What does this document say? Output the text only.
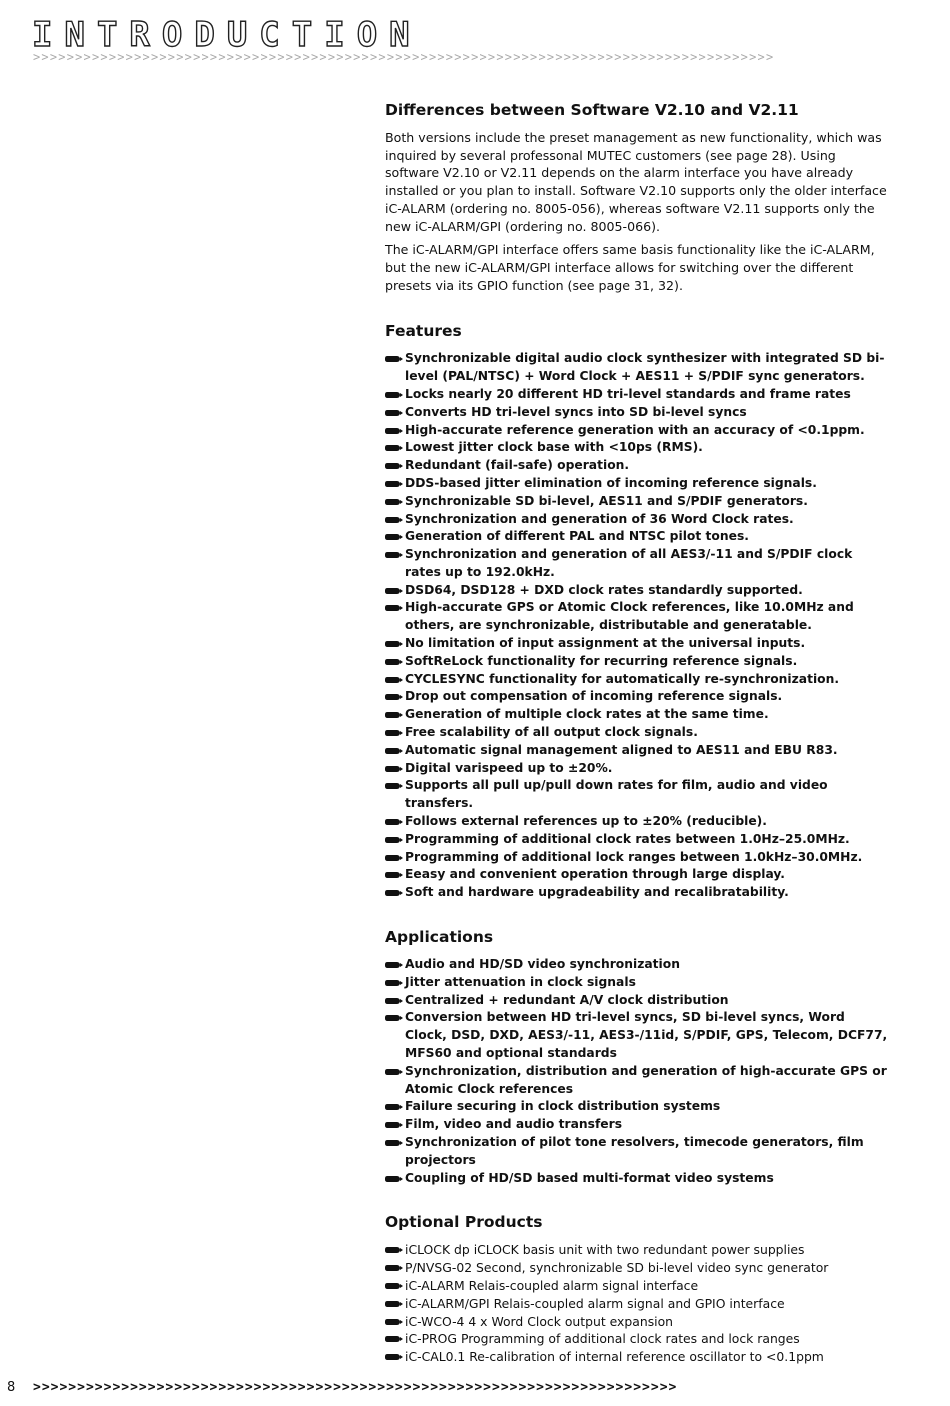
INTRODUCTION
>>>>>>>>>>>>>>>>>>>>>>>>>>>>>>>>>>>>>>>>>>>>>>>>>>>>>>>>>>>>>>>>>>>>>>>>>>>>>>>>>>>>>>>>
Differences between Software V2.10 and V2.11

Both versions include the preset management as new functionality, which was inquired by several professonal MUTEC customers (see page 28). Using software V2.10 or V2.11 depends on the alarm interface you have already installed or you plan to install. Software V2.10 supports only the older interface iC-ALARM (ordering no. 8005-056), whereas software V2.11 supports only the new iC-ALARM/GPI (ordering no. 8005-066).

The iC-ALARM/GPI interface offers same basis functionality like the iC-ALARM, but the new iC-ALARM/GPI interface allows for switching over the different presets via its GPIO function (see page 31, 32).

Features
Synchronizable digital audio clock synthesizer with integrated SD bi-level (PAL/NTSC) + Word Clock + AES11 + S/PDIF sync generators.
Locks nearly 20 different HD tri-level standards and frame rates
Converts HD tri-level syncs into SD bi-level syncs
High-accurate reference generation with an accuracy of <0.1ppm.
Lowest jitter clock base with <10ps (RMS).
Redundant (fail-safe) operation.
DDS-based jitter elimination of incoming reference signals.
Synchronizable SD bi-level, AES11 and S/PDIF generators.
Synchronization and generation of 36 Word Clock rates.
Generation of different PAL and NTSC pilot tones.
Synchronization and generation of all AES3/-11 and S/PDIF clock rates up to 192.0kHz.
DSD64, DSD128 + DXD clock rates standardly supported.
High-accurate GPS or Atomic Clock references, like 10.0MHz and others, are synchronizable, distributable and generatable.
No limitation of input assignment at the universal inputs.
SoftReLock functionality for recurring reference signals.
CYCLESYNC functionality for automatically re-synchronization.
Drop out compensation of incoming reference signals.
Generation of multiple clock rates at the same time.
Free scalability of all output clock signals.
Automatic signal management aligned to AES11 and EBU R83.
Digital varispeed up to ±20%.
Supports all pull up/pull down rates for film, audio and video transfers.
Follows external references up to ±20% (reducible).
Programming of additional clock rates between 1.0Hz–25.0MHz.
Programming of additional lock ranges between 1.0kHz–30.0MHz.
Eeasy and convenient operation through large display.
Soft and hardware upgradeability and recalibratability.
Applications
Audio and HD/SD video synchronization
Jitter attenuation in clock signals
Centralized + redundant A/V clock distribution
Conversion between HD tri-level syncs, SD bi-level syncs, Word Clock, DSD, DXD, AES3/-11, AES3-/11id, S/PDIF, GPS, Telecom, DCF77, MFS60 and optional standards
Synchronization, distribution and generation of high-accurate GPS or Atomic Clock references
Failure securing in clock distribution systems
Film, video and audio transfers
Synchronization of pilot tone resolvers, timecode generators, film projectors
Coupling of HD/SD based multi-format video systems
Optional Products
iCLOCK dp iCLOCK basis unit with two redundant power supplies
P/NVSG-02 Second, synchronizable SD bi-level video sync generator
iC-ALARM Relais-coupled alarm signal interface
iC-ALARM/GPI Relais-coupled alarm signal and GPIO interface
iC-WCO-4 4 x Word Clock output expansion
iC-PROG Programming of additional clock rates and lock ranges
iC-CAL0.1 Re-calibration of internal reference oscillator to <0.1ppm
8 >>>>>>>>>>>>>>>>>>>>>>>>>>>>>>>>>>>>>>>>>>>>>>>>>>>>>>>>>>>>>>>>>>>>>>>>>
